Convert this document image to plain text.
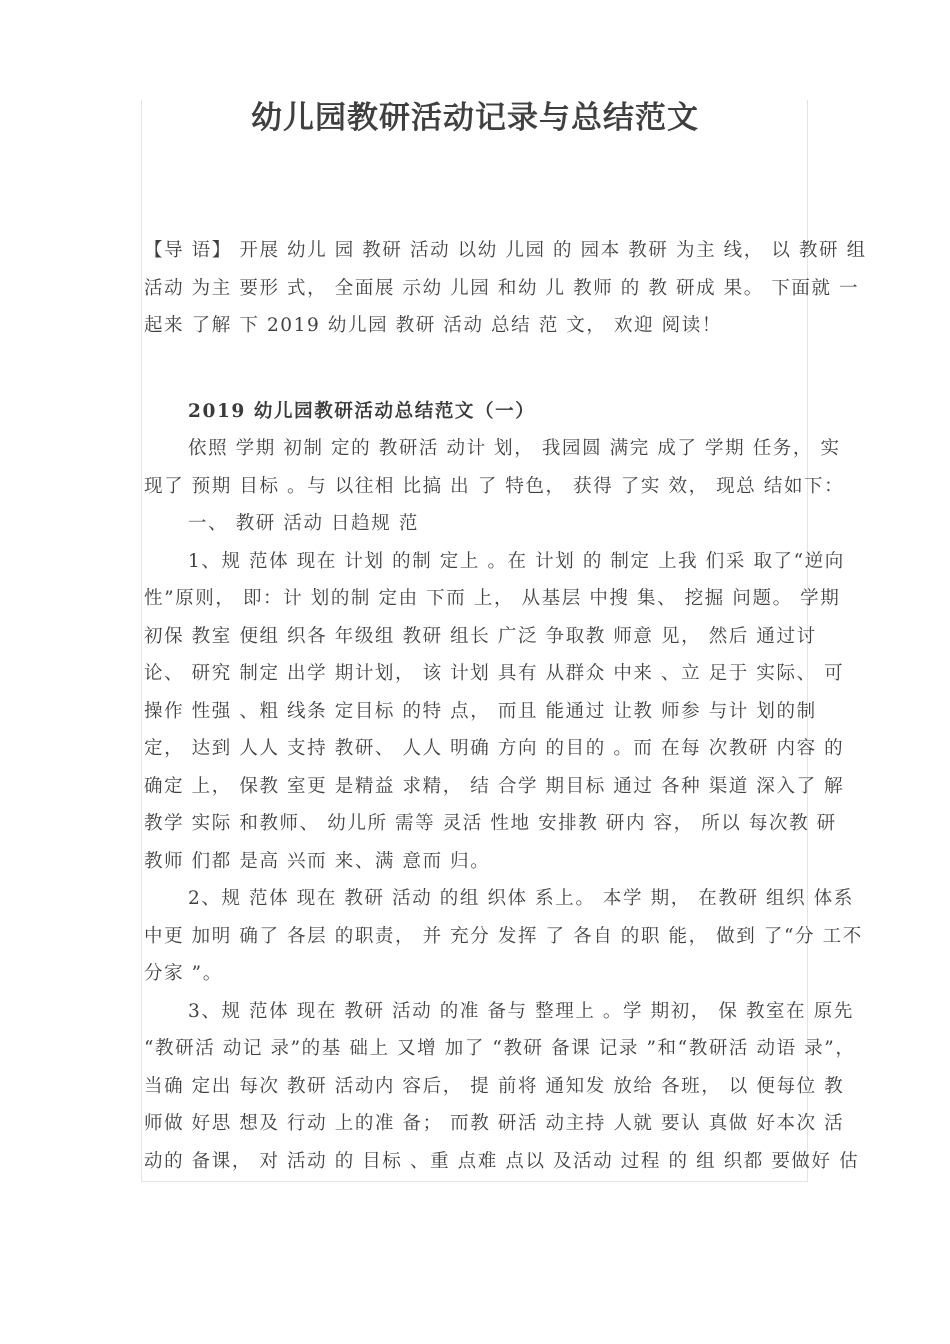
幼儿园教研活动记录与总结范文

【导 语】 开展 幼儿 园 教研 活动 以幼 儿园 的 园本 教研 为主 线， 以 教研 组
活动 为主 要形 式， 全面展 示幼 儿园 和幼 儿 教师 的 教 研成 果。 下面就 一
起来 了解 下 2019 幼儿园 教研 活动 总结 范 文， 欢迎 阅读！

2019 幼儿园教研活动总结范文（一）

依照 学期 初制 定的 教研活 动计 划， 我园圆 满完 成了 学期 任务， 实
现了 预期 目标 。与 以往相 比搞 出 了 特色， 获得 了实 效， 现总 结如下：

一、 教研 活动 日趋规 范

1、规 范体 现在 计划 的制 定上 。在 计划 的 制定 上我 们采 取了“逆向
性”原则， 即：计 划的制 定由 下而 上， 从基层 中搜 集、 挖掘 问题。 学期
初保 教室 便组 织各 年级组 教研 组长 广泛 争取教 师意 见， 然后 通过讨
论、 研究 制定 出学 期计划， 该 计划 具有 从群众 中来 、立 足于 实际、 可
操作 性强 、粗 线条 定目标 的特 点， 而且 能通过 让教 师参 与计 划的制
定， 达到 人人 支持 教研、 人人 明确 方向 的目的 。而 在每 次教研 内容 的
确定 上， 保教 室更 是精益 求精， 结 合学 期目标 通过 各种 渠道 深入了 解
教学 实际 和教师、 幼儿所 需等 灵活 性地 安排教 研内 容， 所以 每次教 研
教师 们都 是高 兴而 来、满 意而 归。

2、规 范体 现在 教研 活动 的组 织体 系上。 本学 期， 在教研 组织 体系
中更 加明 确了 各层 的职责， 并 充分 发挥 了 各自 的职 能， 做到 了“分 工不
分家 ”。

3、规 范体 现在 教研 活动 的准 备与 整理上 。学 期初， 保 教室在 原先
“教研活 动记 录”的基 础上 又增 加了 “教研 备课 记录 ”和“教研活 动语 录”，
当确 定出 每次 教研 活动内 容后， 提 前将 通知发 放给 各班， 以 便每位 教
师做 好思 想及 行动 上的准 备； 而教 研活 动主持 人就 要认 真做 好本次 活
动的 备课， 对 活动 的 目标 、重 点难 点以 及活动 过程 的 组 织都 要做好 估
